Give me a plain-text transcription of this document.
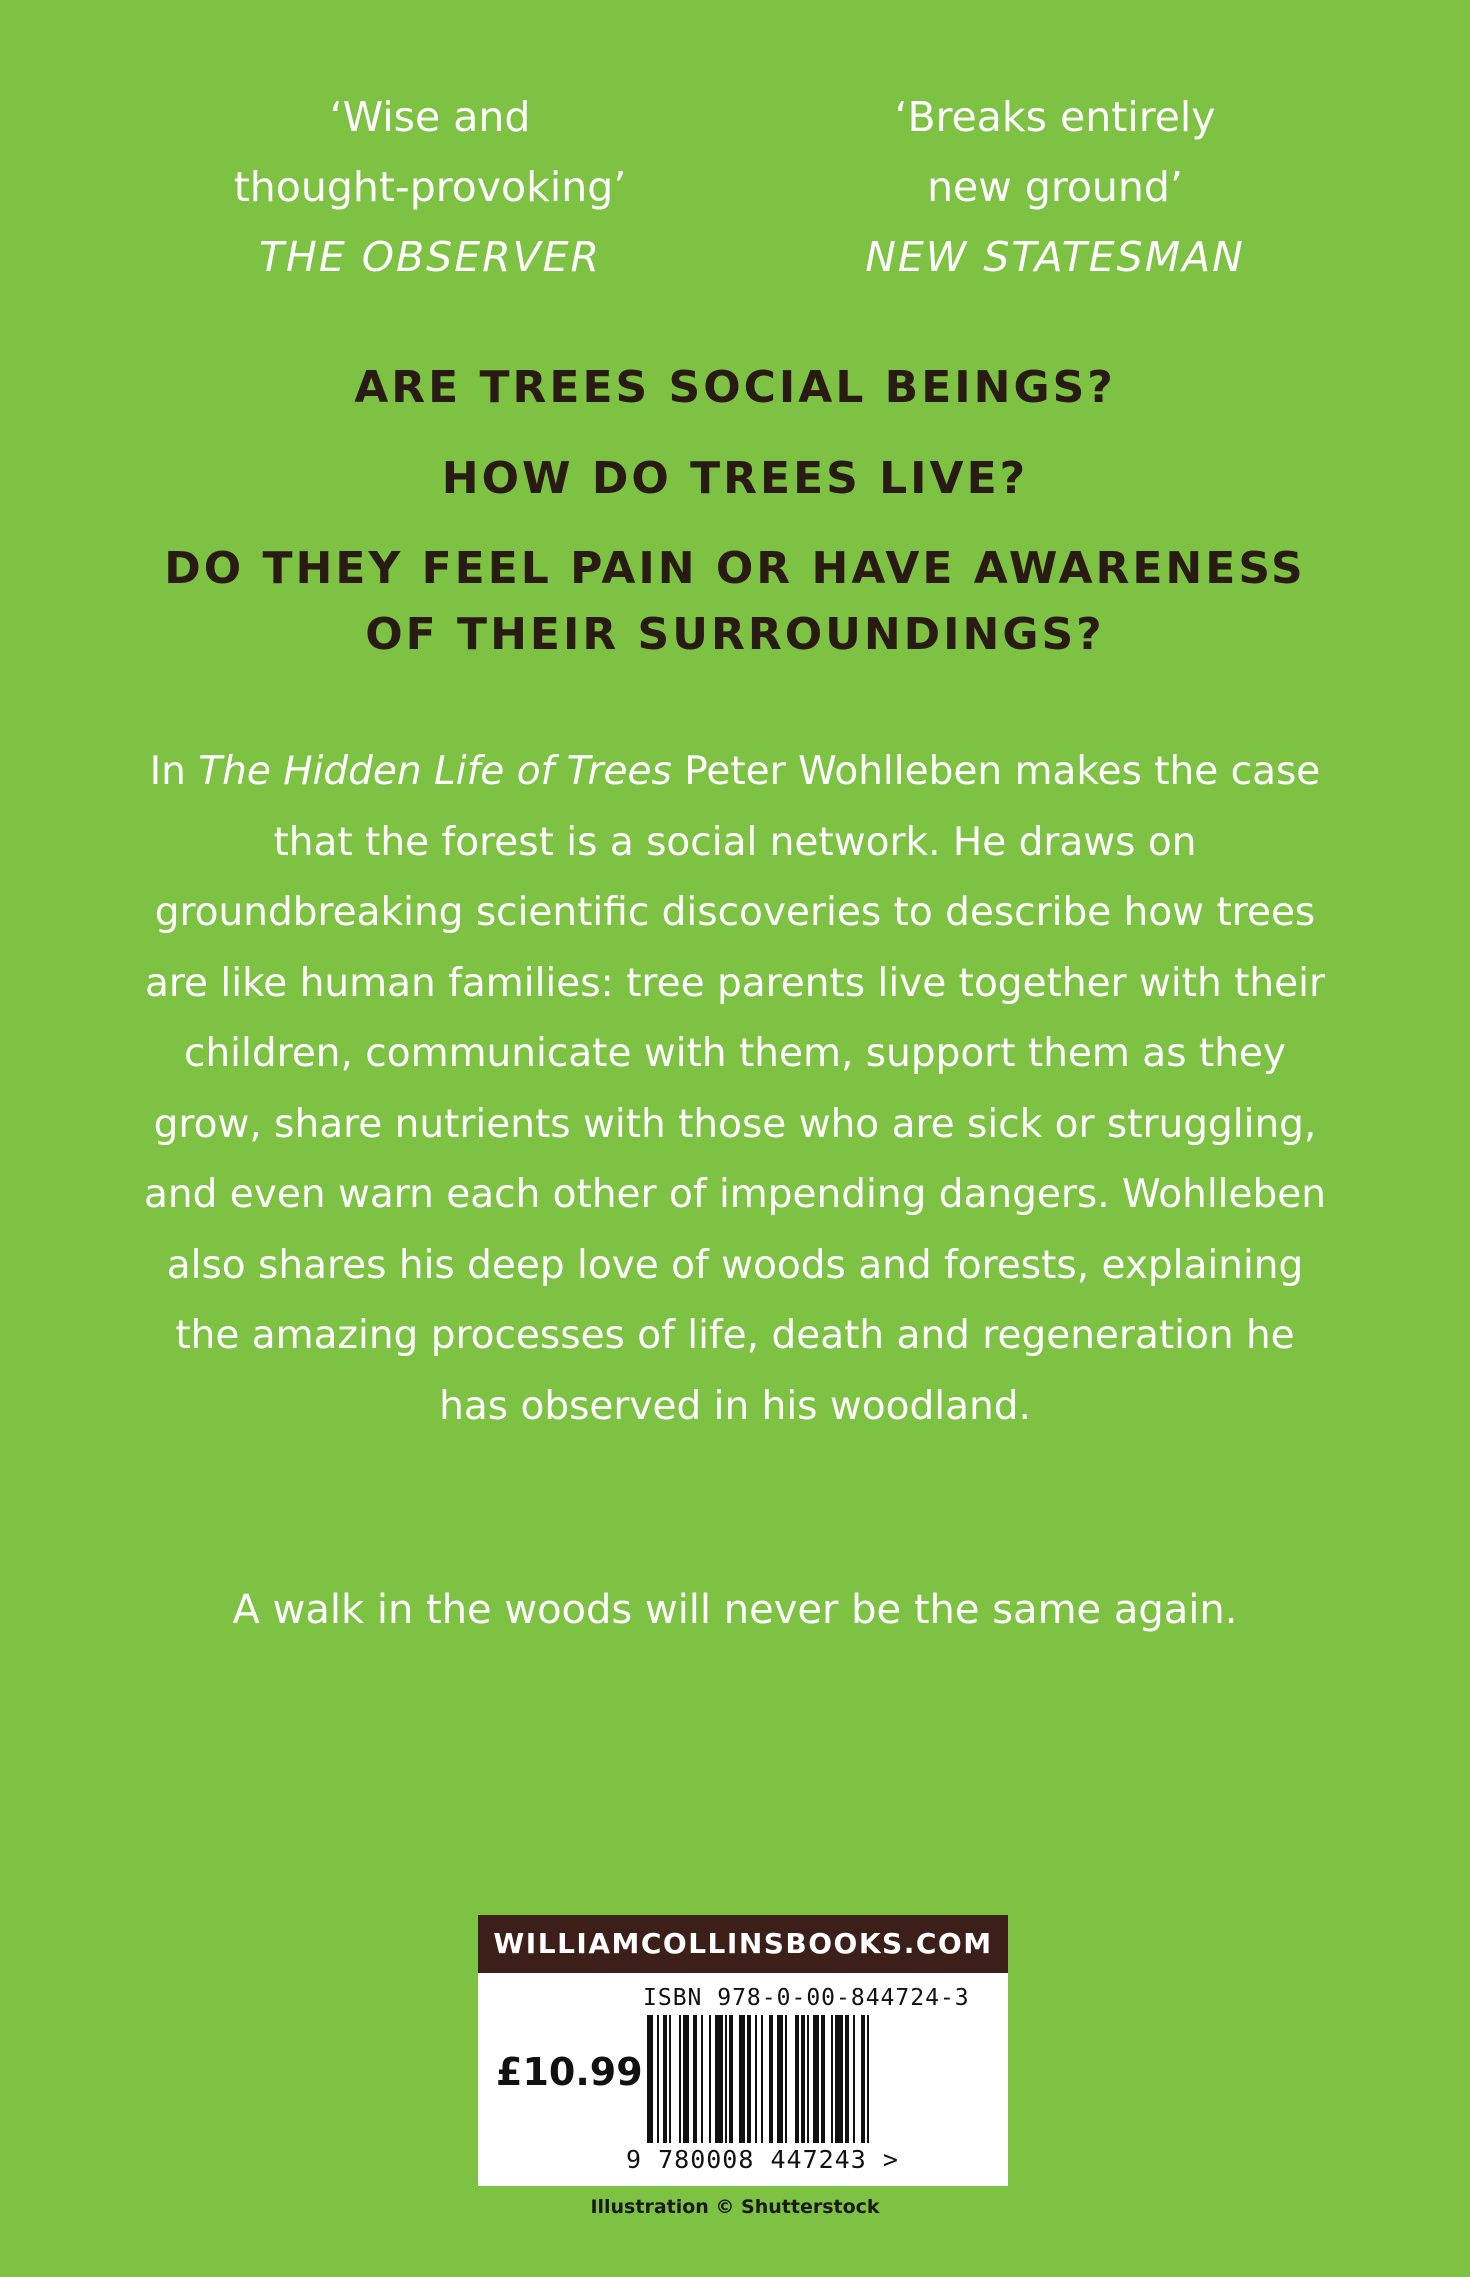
‘Wise and
thought-provoking’
THE OBSERVER
‘Breaks entirely
new ground’
NEW STATESMAN
ARE TREES SOCIAL BEINGS?
HOW DO TREES LIVE?
DO THEY FEEL PAIN OR HAVE AWARENESS
OF THEIR SURROUNDINGS?
In The Hidden Life of Trees Peter Wohlleben makes the case that the forest is a social network. He draws on groundbreaking scientific discoveries to describe how trees are like human families: tree parents live together with their children, communicate with them, support them as they grow, share nutrients with those who are sick or struggling, and even warn each other of impending dangers. Wohlleben also shares his deep love of woods and forests, explaining the amazing processes of life, death and regeneration he has observed in his woodland.
A walk in the woods will never be the same again.
WILLIAMCOLLINSBOOKS.COM
ISBN 978-0-00-844724-3
£10.99
9 780008 447243 >
Illustration © Shutterstock
